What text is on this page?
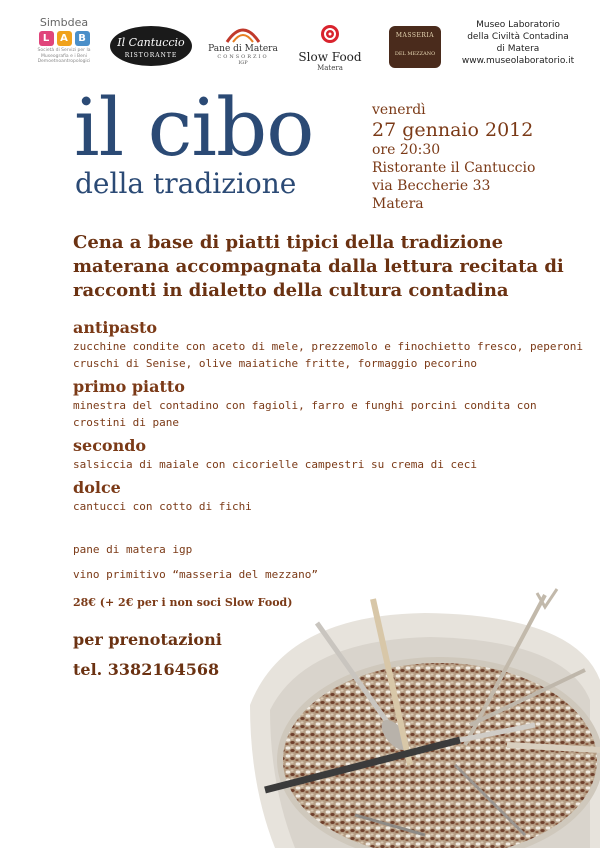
Simbdea
L	A	B
Società di Servizi per la Museografia e i Beni Demoetnoantropologici
Il Cantuccio
RISTORANTE
Pane di Matera
CONSORZIO
IGP	Slow Food
Matera
MASSERIA
DEL MEZZANO
Museo Laboratorio
della Civiltà Contadina
di Matera
www.museolaboratorio.it
il cibo
della tradizione
venerdì
27 gennaio 2012
ore 20:30
Ristorante il Cantuccio
via Beccherie 33
Matera
Cena a base di piatti tipici della tradizione materana accompagnata dalla lettura recitata di racconti in dialetto della cultura contadina
antipasto
zucchine condite con aceto di mele, prezzemolo e finochietto fresco, peperoni cruschi di Senise, olive maiatiche fritte, formaggio pecorino
primo piatto
minestra del contadino con fagioli, farro e funghi porcini condita con crostini di pane
secondo
salsiccia di maiale con cicorielle campestri su crema di ceci
dolce
cantucci con cotto di fichi
pane di matera igp
vino primitivo “masseria del mezzano”
28€ (+ 2€ per i non soci Slow Food)
per prenotazioni
tel. 3382164568
